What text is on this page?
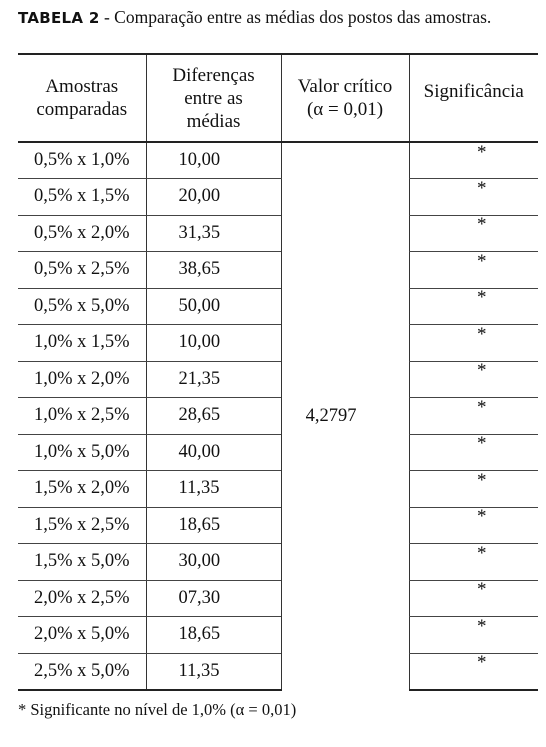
TABELA 2 - Comparação entre as médias dos postos das amostras.
Amostras comparadas	Diferenças entre as médias	Valor crítico (α = 0,01)	Significância
0,5% x 1,0%	10,00	4,2797	*
0,5% x 1,5%	20,00		*
0,5% x 2,0%	31,35		*
0,5% x 2,5%	38,65		*
0,5% x 5,0%	50,00		*
1,0% x 1,5%	10,00		*
1,0% x 2,0%	21,35		*
1,0% x 2,5%	28,65		*
1,0% x 5,0%	40,00		*
1,5% x 2,0%	11,35		*
1,5% x 2,5%	18,65		*
1,5% x 5,0%	30,00		*
2,0% x 2,5%	07,30		*
2,0% x 5,0%	18,65		*
2,5% x 5,0%	11,35		*
* Significante no nível de 1,0% (α = 0,01)
